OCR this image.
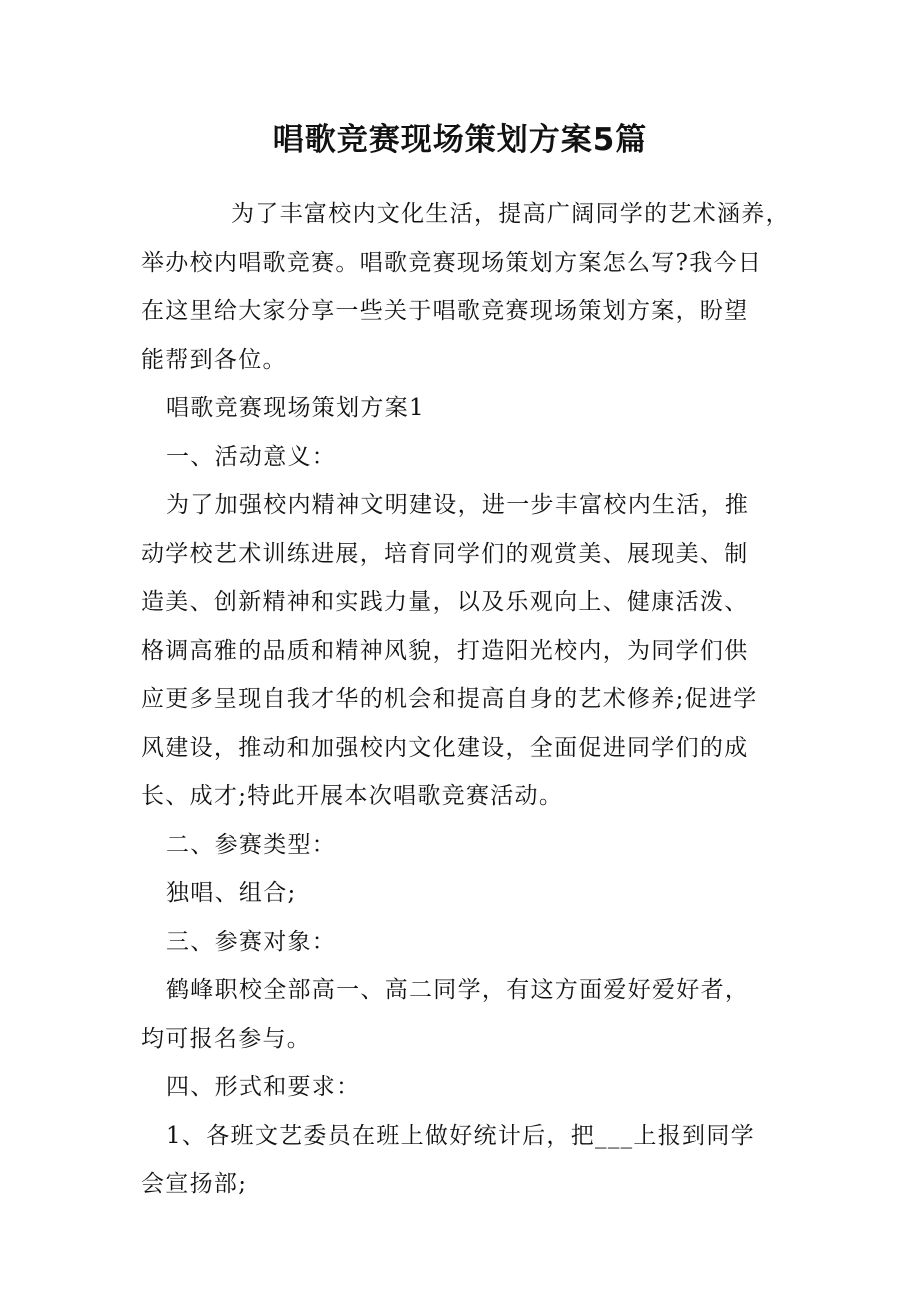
唱歌竞赛现场策划方案5篇
为了丰富校内文化生活，提高广阔同学的艺术涵养，
举办校内唱歌竞赛。唱歌竞赛现场策划方案怎么写?我今日
在这里给大家分享一些关于唱歌竞赛现场策划方案，盼望
能帮到各位。
唱歌竞赛现场策划方案1
一、活动意义：
为了加强校内精神文明建设，进一步丰富校内生活，推
动学校艺术训练进展，培育同学们的观赏美、展现美、制
造美、创新精神和实践力量，以及乐观向上、健康活泼、
格调高雅的品质和精神风貌，打造阳光校内，为同学们供
应更多呈现自我才华的机会和提高自身的艺术修养;促进学
风建设，推动和加强校内文化建设，全面促进同学们的成
长、成才;特此开展本次唱歌竞赛活动。
二、参赛类型：
独唱、组合;
三、参赛对象：
鹤峰职校全部高一、高二同学，有这方面爱好爱好者，
均可报名参与。
四、形式和要求：
1、各班文艺委员在班上做好统计后，把___上报到同学
会宣扬部;
